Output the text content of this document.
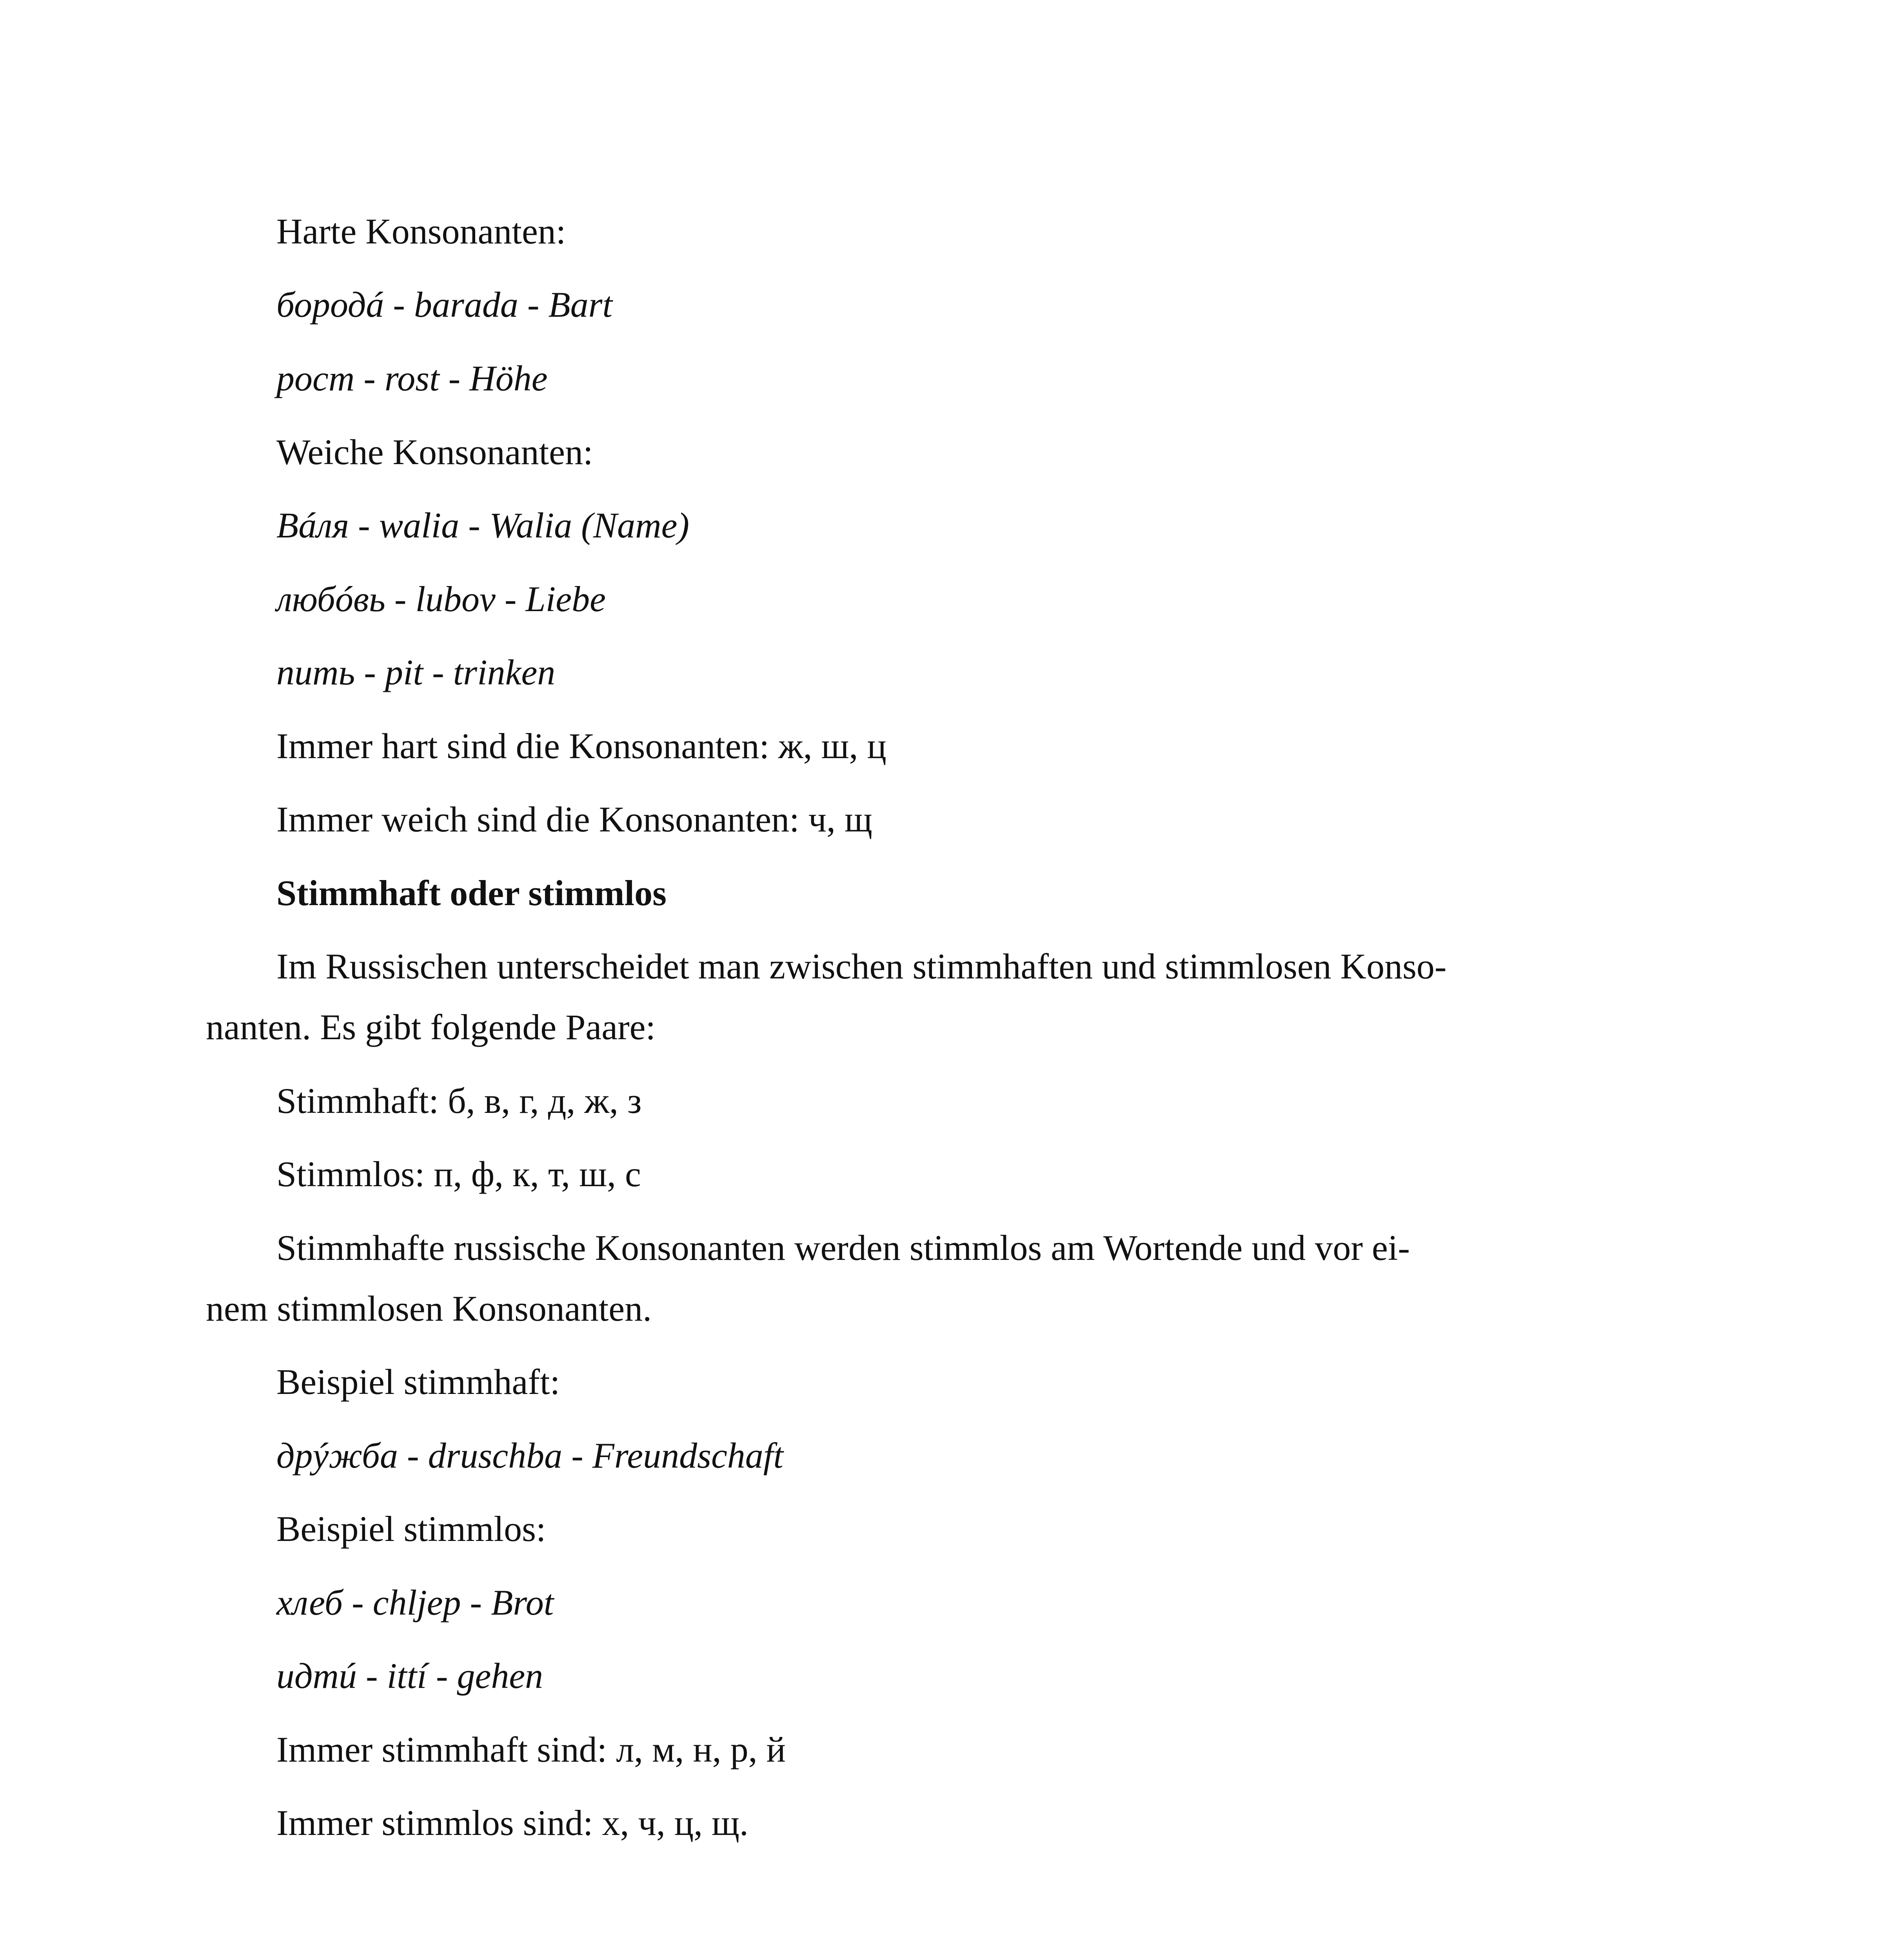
Harte Konsonanten:

бородá - barada - Bart

рост - rost - Höhe

Weiche Konsonanten:

Вáля - walia - Walia (Name)

любóвь - lubov - Liebe

пить - pit - trinken

Immer hart sind die Konsonanten: ж, ш, ц

Immer weich sind die Konsonanten: ч, щ

Stimmhaft oder stimmlos

Im Russischen unterscheidet man zwischen stimmhaften und stimmlosen Konso-

nanten. Es gibt folgende Paare:

Stimmhaft: б, в, г, д, ж, з

Stimmlos: п, ф, к, т, ш, с

Stimmhafte russische Konsonanten werden stimmlos am Wortende und vor ei-

nem stimmlosen Konsonanten.

Beispiel stimmhaft:

дрýжба - druschba - Freundschaft

Beispiel stimmlos:

хлеб - chljep - Brot

идтú - ittí - gehen

Immer stimmhaft sind: л, м, н, р, й

Immer stimmlos sind: х, ч, ц, щ.
